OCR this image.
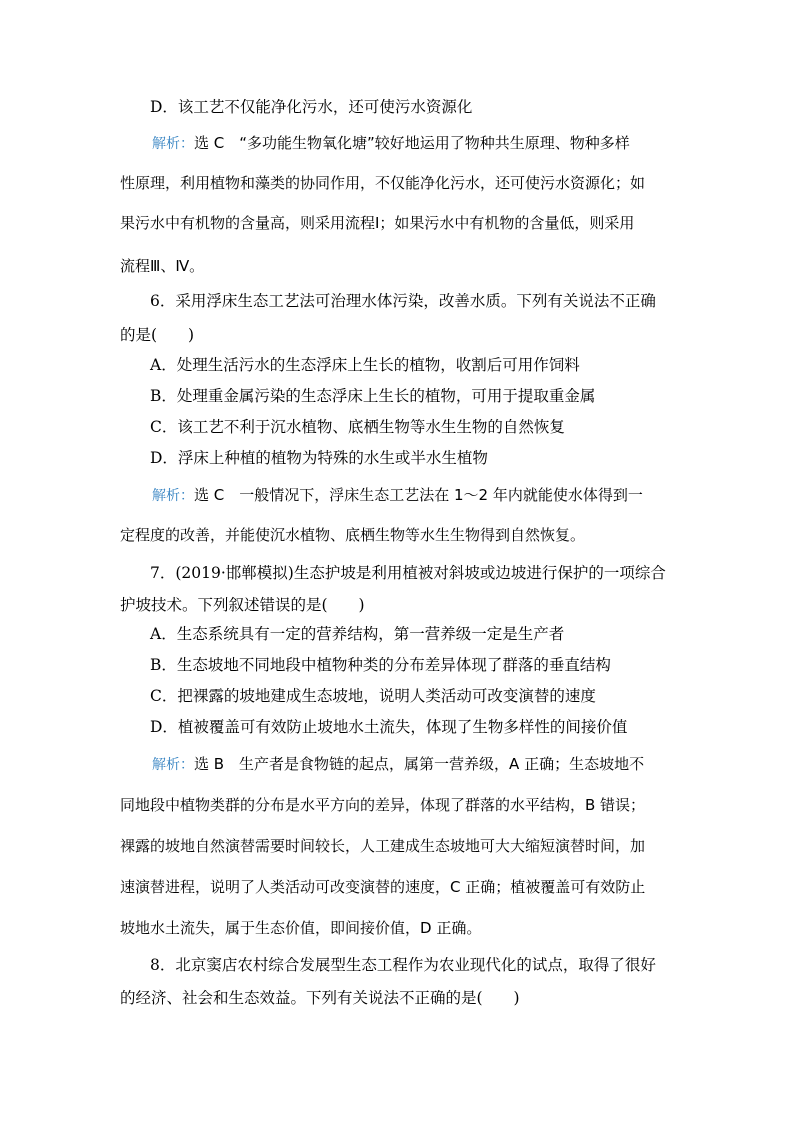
D．该工艺不仅能净化污水，还可使污水资源化
解析：选 C　“多功能生物氧化塘”较好地运用了物种共生原理、物种多样
性原理，利用植物和藻类的协同作用，不仅能净化污水，还可使污水资源化；如
果污水中有机物的含量高，则采用流程Ⅰ；如果污水中有机物的含量低，则采用
流程Ⅲ、Ⅳ。
6．采用浮床生态工艺法可治理水体污染，改善水质。下列有关说法不正确
的是(　　)
A．处理生活污水的生态浮床上生长的植物，收割后可用作饲料
B．处理重金属污染的生态浮床上生长的植物，可用于提取重金属
C．该工艺不利于沉水植物、底栖生物等水生生物的自然恢复
D．浮床上种植的植物为特殊的水生或半水生植物
解析：选 C　一般情况下，浮床生态工艺法在 1～2 年内就能使水体得到一
定程度的改善，并能使沉水植物、底栖生物等水生生物得到自然恢复。
7．(2019·邯郸模拟)生态护坡是利用植被对斜坡或边坡进行保护的一项综合
护坡技术。下列叙述错误的是(　　)
A．生态系统具有一定的营养结构，第一营养级一定是生产者
B．生态坡地不同地段中植物种类的分布差异体现了群落的垂直结构
C．把裸露的坡地建成生态坡地，说明人类活动可改变演替的速度
D．植被覆盖可有效防止坡地水土流失，体现了生物多样性的间接价值
解析：选 B　生产者是食物链的起点，属第一营养级，A 正确；生态坡地不
同地段中植物类群的分布是水平方向的差异，体现了群落的水平结构，B 错误；
裸露的坡地自然演替需要时间较长，人工建成生态坡地可大大缩短演替时间，加
速演替进程，说明了人类活动可改变演替的速度，C 正确；植被覆盖可有效防止
坡地水土流失，属于生态价值，即间接价值，D 正确。
8．北京窦店农村综合发展型生态工程作为农业现代化的试点，取得了很好
的经济、社会和生态效益。下列有关说法不正确的是(　　)
